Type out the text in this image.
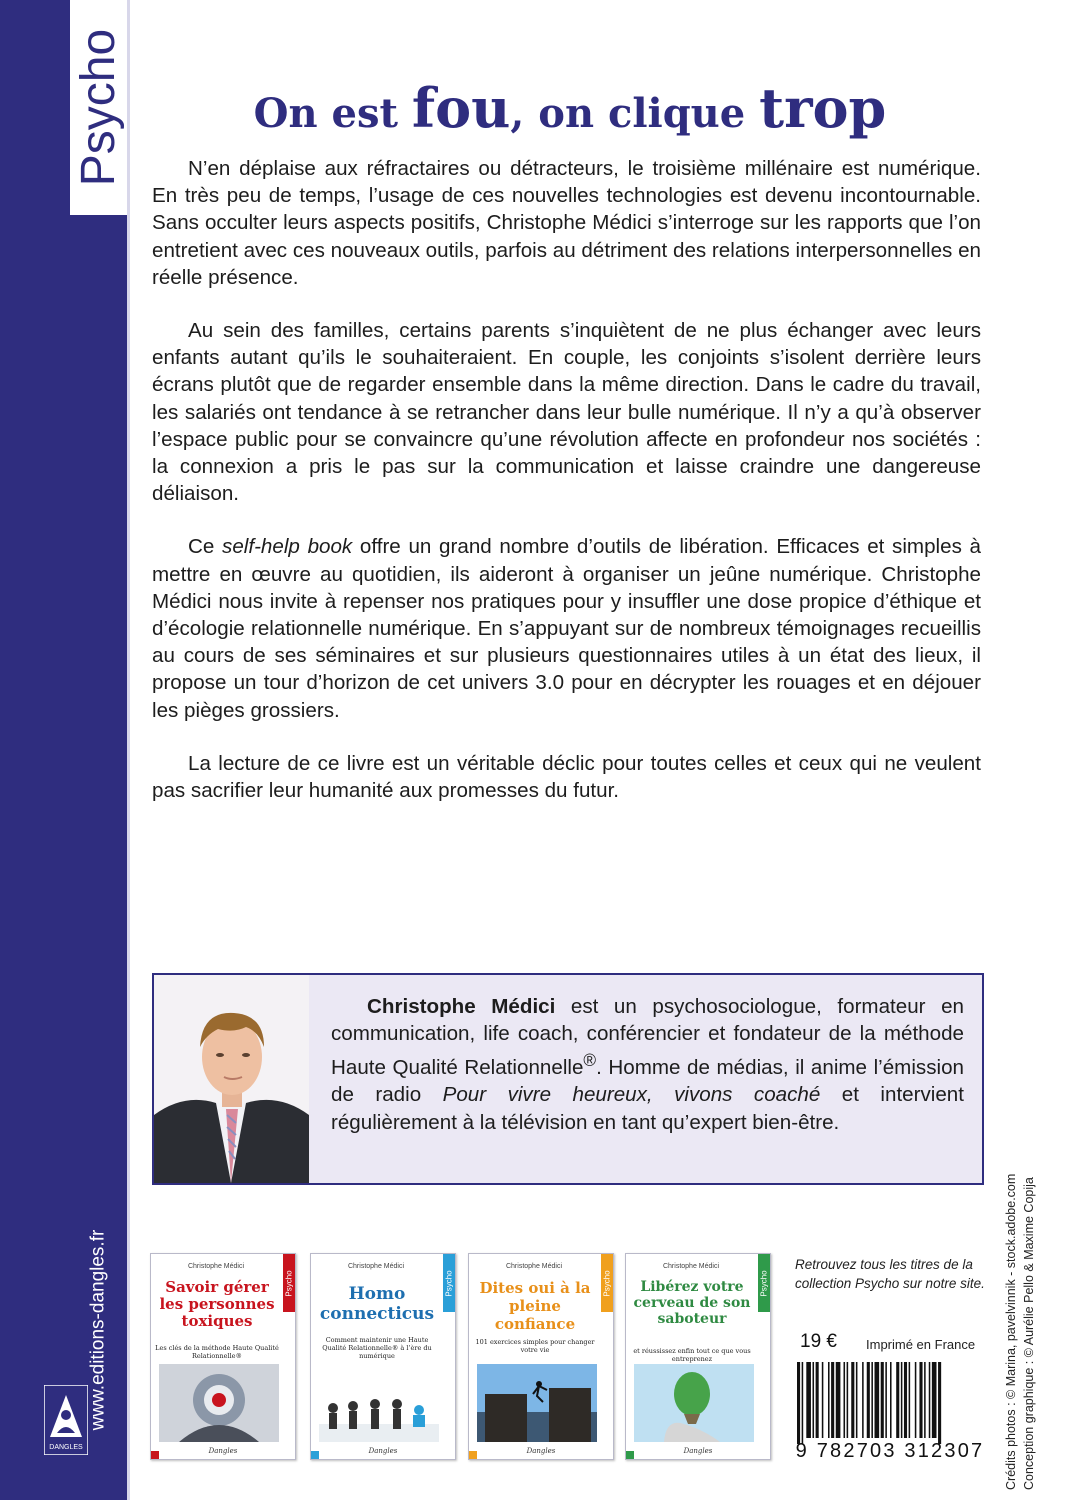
Psycho
www.editions-dangles.fr
DANGLES
On est fou, on clique trop

N’en déplaise aux réfractaires ou détracteurs, le troisième millénaire est numérique. En très peu de temps, l’usage de ces nouvelles technologies est devenu incontournable. Sans occulter leurs aspects positifs, Christophe Médici s’interroge sur les rapports que l’on entretient avec ces nouveaux outils, parfois au détriment des relations interpersonnelles en réelle présence.

Au sein des familles, certains parents s’inquiètent de ne plus échanger avec leurs enfants autant qu’ils le souhaiteraient. En couple, les conjoints s’isolent derrière leurs écrans plutôt que de regarder ensemble dans la même direction. Dans le cadre du travail, les salariés ont tendance à se retrancher dans leur bulle numérique. Il n’y a qu’à observer l’espace public pour se convaincre qu’une révolution affecte en profondeur nos sociétés : la connexion a pris le pas sur la communication et laisse craindre une dangereuse déliaison.

Ce self-help book offre un grand nombre d’outils de libération. Efficaces et simples à mettre en œuvre au quotidien, ils aideront à organiser un jeûne numérique. Christophe Médici nous invite à repenser nos pratiques pour y insuffler une dose propice d’éthique et d’écologie relationnelle numérique. En s’appuyant sur de nombreux témoignages recueillis au cours de ses séminaires et sur plusieurs questionnaires utiles à un état des lieux, il propose un tour d’horizon de cet univers 3.0 pour en décrypter les rouages et en déjouer les pièges grossiers.

La lecture de ce livre est un véritable déclic pour toutes celles et ceux qui ne veulent pas sacrifier leur humanité aux promesses du futur.

Christophe Médici est un psychosociologue, formateur en communication, life coach, conférencier et fondateur de la méthode Haute Qualité Relationnelle®. Homme de médias, il anime l’émission de radio Pour vivre heureux, vivons coaché et intervient régulièrement à la télévision en tant qu’expert bien-être.
Psycho
Christophe Médici
Savoir gérer les personnes toxiques
Les clés de la méthode Haute Qualité Relationnelle®
Dangles
Psycho
Christophe Médici
Homo connecticus
Comment maintenir une Haute Qualité Relationnelle® à l’ère du numérique
Dangles
Psycho
Christophe Médici
Dites oui à la pleine confiance
101 exercices simples pour changer votre vie
Dangles
Psycho
Christophe Médici
Libérez votre cerveau de son saboteur
et réussissez enfin tout ce que vous entreprenez
Dangles
Retrouvez tous les titres de la collection Psycho sur notre site.
19 € Imprimé en France
9 782703 312307 Crédits photos : © Marina, pavelvinnik - stock.adobe.com Conception graphique : © Aurélie Pello & Maxime Copija
